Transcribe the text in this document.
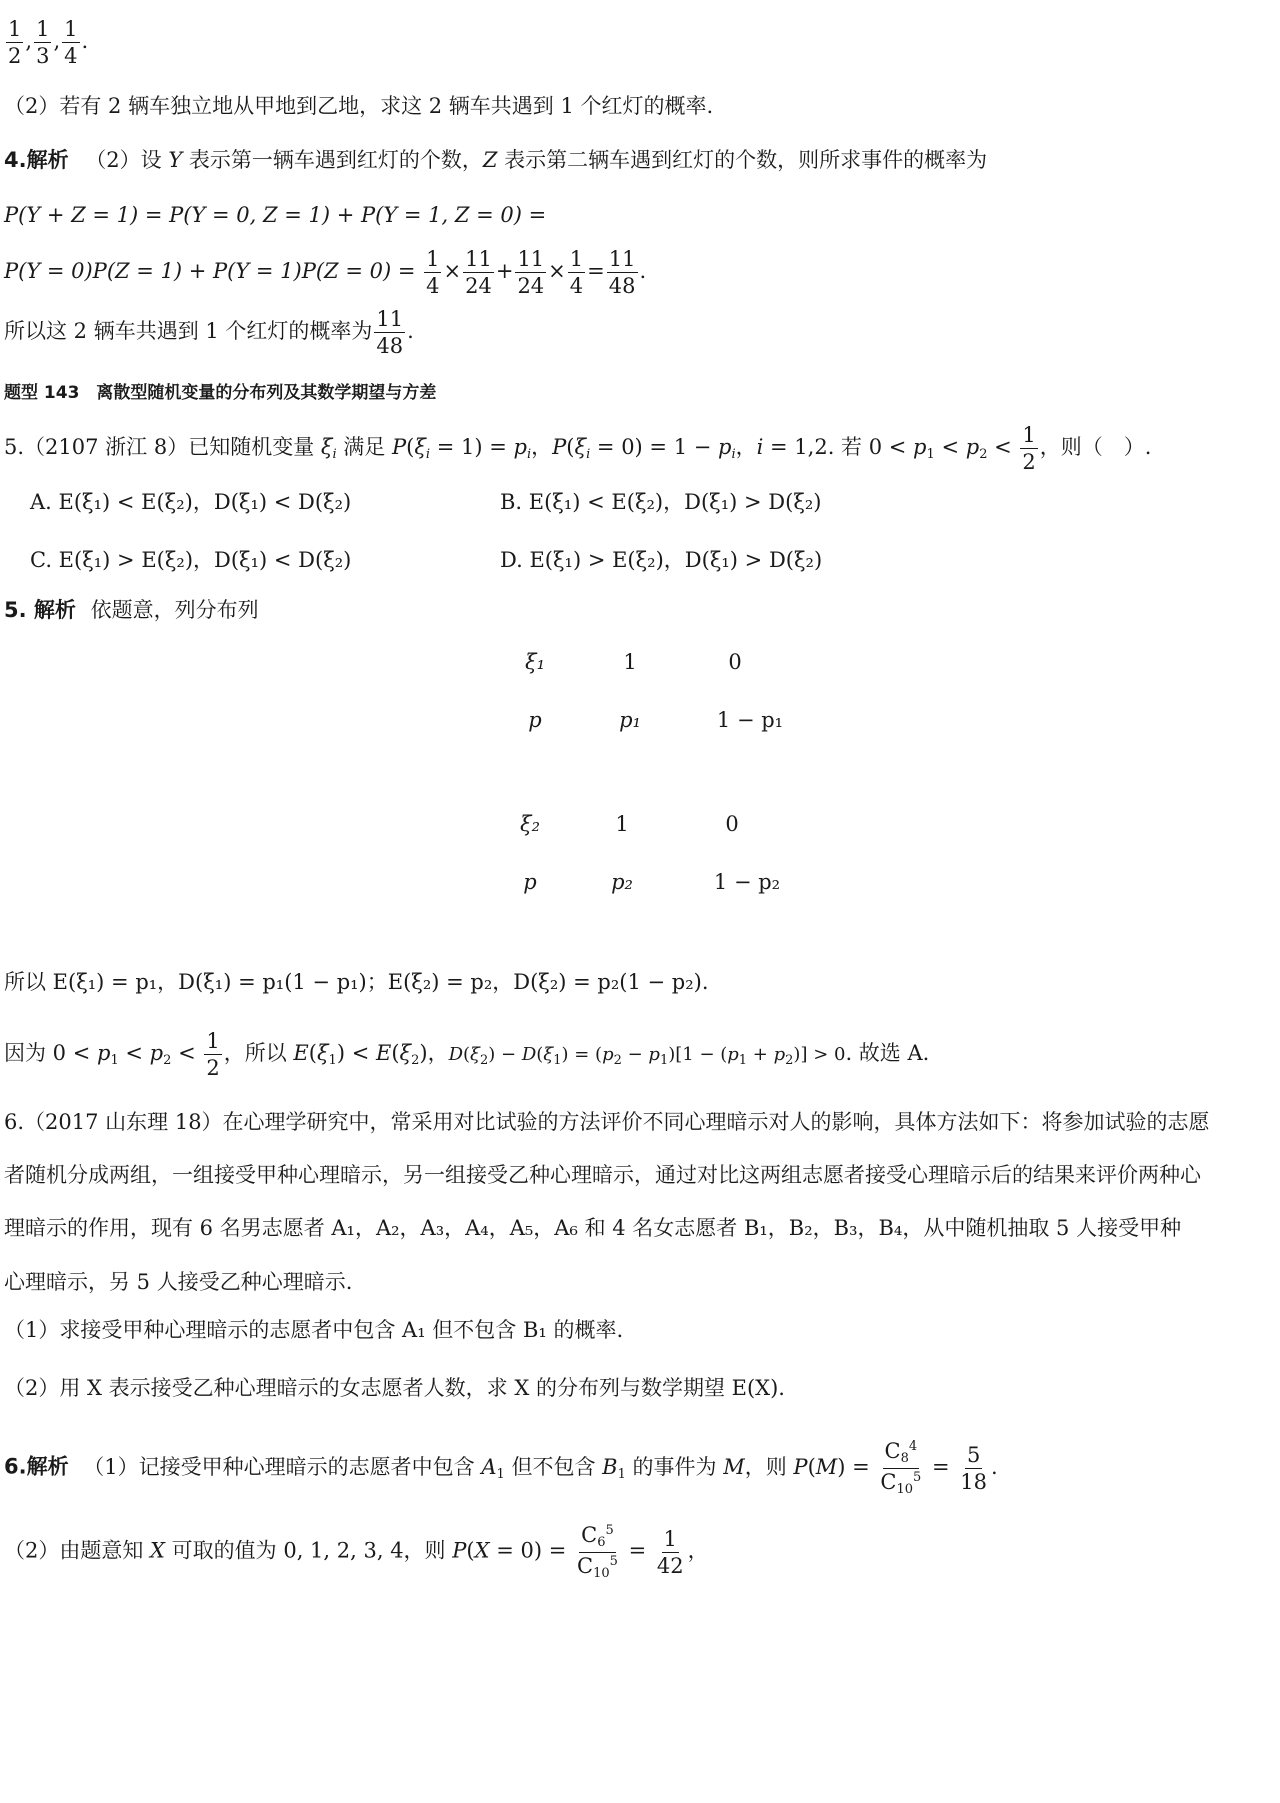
$\frac{1}{2}$ , $\frac{1}{3}$ , $\frac{1}{4}$ .
（2）若有 2 辆车独立地从甲地到乙地，求这 2 辆车共遇到 1 个红灯的概率.
4.解析 （2）设 Y 表示第一辆车遇到红灯的个数，Z 表示第二辆车遇到红灯的个数，则所求事件的概率为
P(Y + Z = 1) = P(Y = 0, Z = 1) + P(Y = 1, Z = 0) =
$P(Y = 0)P(Z = 1) + P(Y = 1)P(Z = 0) = \frac{1}{4} \times \frac{11}{24} + \frac{11}{24} \times \frac{1}{4} = \frac{11}{48}$ .
所以这 2 辆车共遇到 1 个红灯的概率为 $\frac{11}{48}$ .
题型 143　离散型随机变量的分布列及其数学期望与方差
5.（2107 浙江 8）已知随机变量 $\xi_i$ 满足 $P(\xi_i = 1) = p_i$，$P(\xi_i = 0) = 1 - p_i$，i = 1,2. 若 $0 < p_1 < p_2 < \frac{1}{2}$ ，则（　）.
A. E(ξ₁) < E(ξ₂)，D(ξ₁) < D(ξ₂)	B. E(ξ₁) < E(ξ₂)，D(ξ₁) > D(ξ₂)
C. E(ξ₁) > E(ξ₂)，D(ξ₁) < D(ξ₂)	D. E(ξ₁) > E(ξ₂)，D(ξ₁) > D(ξ₂)
5. 解析 依题意，列分布列
ξ₁	1	0
p	p₁	1 − p₁
ξ₂	1	0
p	p₂	1 − p₂
所以 E(ξ₁) = p₁，D(ξ₁) = p₁(1 − p₁)；E(ξ₂) = p₂，D(ξ₂) = p₂(1 − p₂).
因为 $0 < p_1 < p_2 < \frac{1}{2}$ ，所以 $E(\xi_1) < E(\xi_2)$，$D(\xi_2) - D(\xi_1) = (p_2 - p_1)[1 - (p_1 + p_2)] > 0$. 故选 A.
6.（2017 山东理 18）在心理学研究中，常采用对比试验的方法评价不同心理暗示对人的影响，具体方法如下：将参加试验的志愿
者随机分成两组，一组接受甲种心理暗示，另一组接受乙种心理暗示，通过对比这两组志愿者接受心理暗示后的结果来评价两种心
理暗示的作用，现有 6 名男志愿者 A₁，A₂，A₃，A₄，A₅，A₆ 和 4 名女志愿者 B₁，B₂，B₃，B₄，从中随机抽取 5 人接受甲种
心理暗示，另 5 人接受乙种心理暗示.
（1）求接受甲种心理暗示的志愿者中包含 A₁ 但不包含 B₁ 的概率.
（2）用 X 表示接受乙种心理暗示的女志愿者人数，求 X 的分布列与数学期望 E(X).
6.解析 （1）记接受甲种心理暗示的志愿者中包含 $A_1$ 但不包含 $B_1$ 的事件为 M，则 $P(M) = \frac{C_8^4}{C_{10}^5} = \frac{5}{18}$ .
（2）由题意知 X 可取的值为 0, 1, 2, 3, 4，则 $P(X = 0) = \frac{C_6^5}{C_{10}^5} = \frac{1}{42}$ ，
